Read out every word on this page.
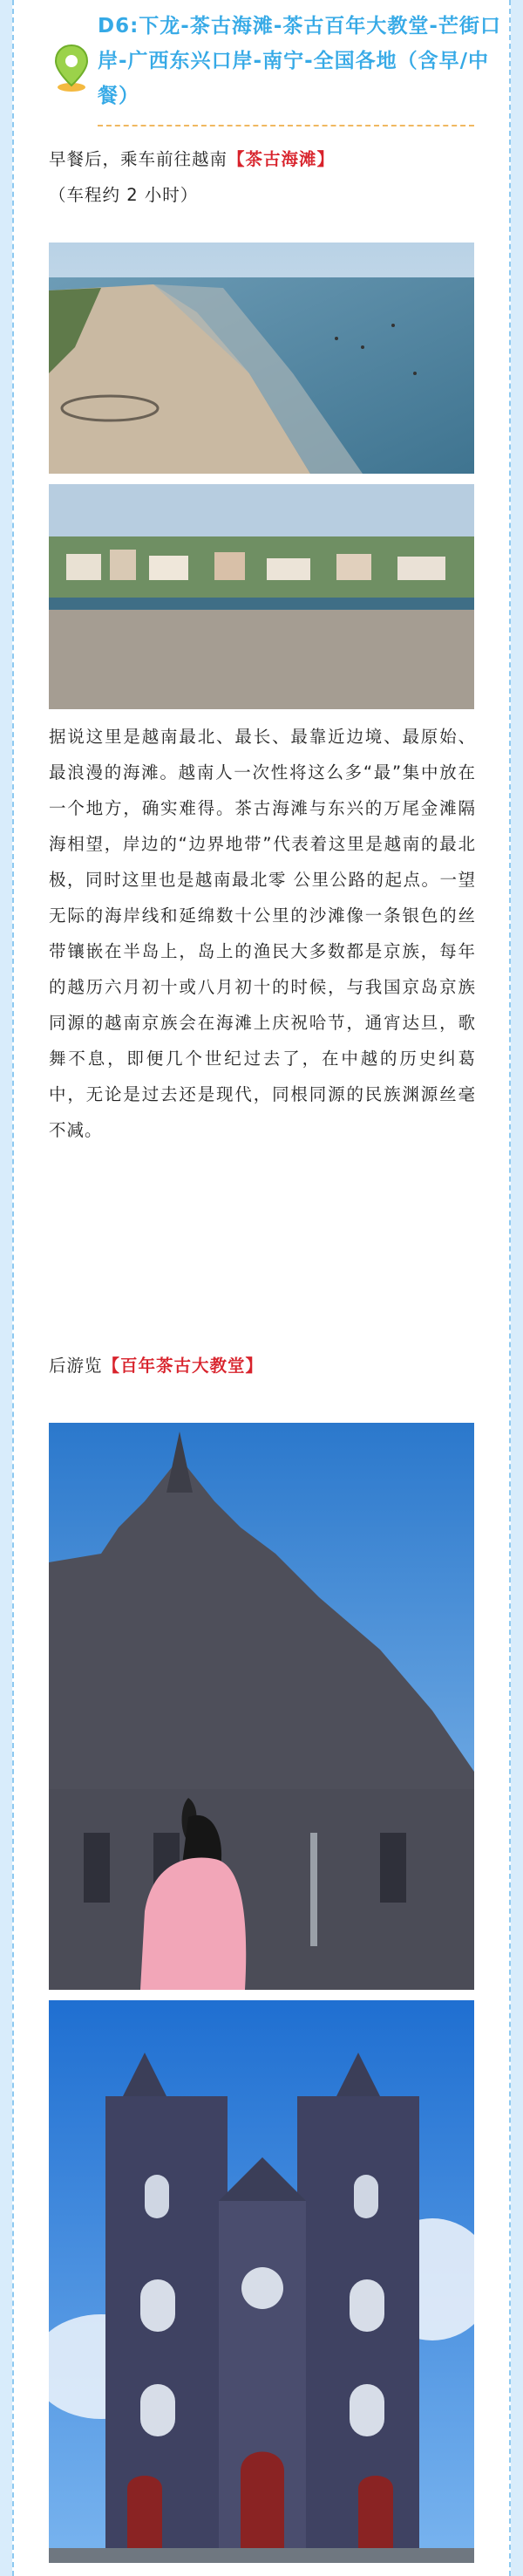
D6:下龙-茶古海滩-茶古百年大教堂-芒街口岸-广西东兴口岸-南宁-全国各地（含早/中餐）

早餐后，乘车前往越南【茶古海滩】
（车程约 2 小时）

据说这里是越南最北、最长、最靠近边境、最原始、最浪漫的海滩。越南人一次性将这么多“最”集中放在一个地方，确实难得。茶古海滩与东兴的万尾金滩隔海相望，岸边的“边界地带”代表着这里是越南的最北极，同时这里也是越南最北零 公里公路的起点。一望无际的海岸线和延绵数十公里的沙滩像一条银色的丝带镶嵌在半岛上，岛上的渔民大多数都是京族，每年的越历六月初十或八月初十的时候，与我国京岛京族同源的越南京族会在海滩上庆祝哈节，通宵达旦，歌舞不息，即便几个世纪过去了，在中越的历史纠葛中，无论是过去还是现代，同根同源的民族渊源丝毫不减。

后游览【百年茶古大教堂】
